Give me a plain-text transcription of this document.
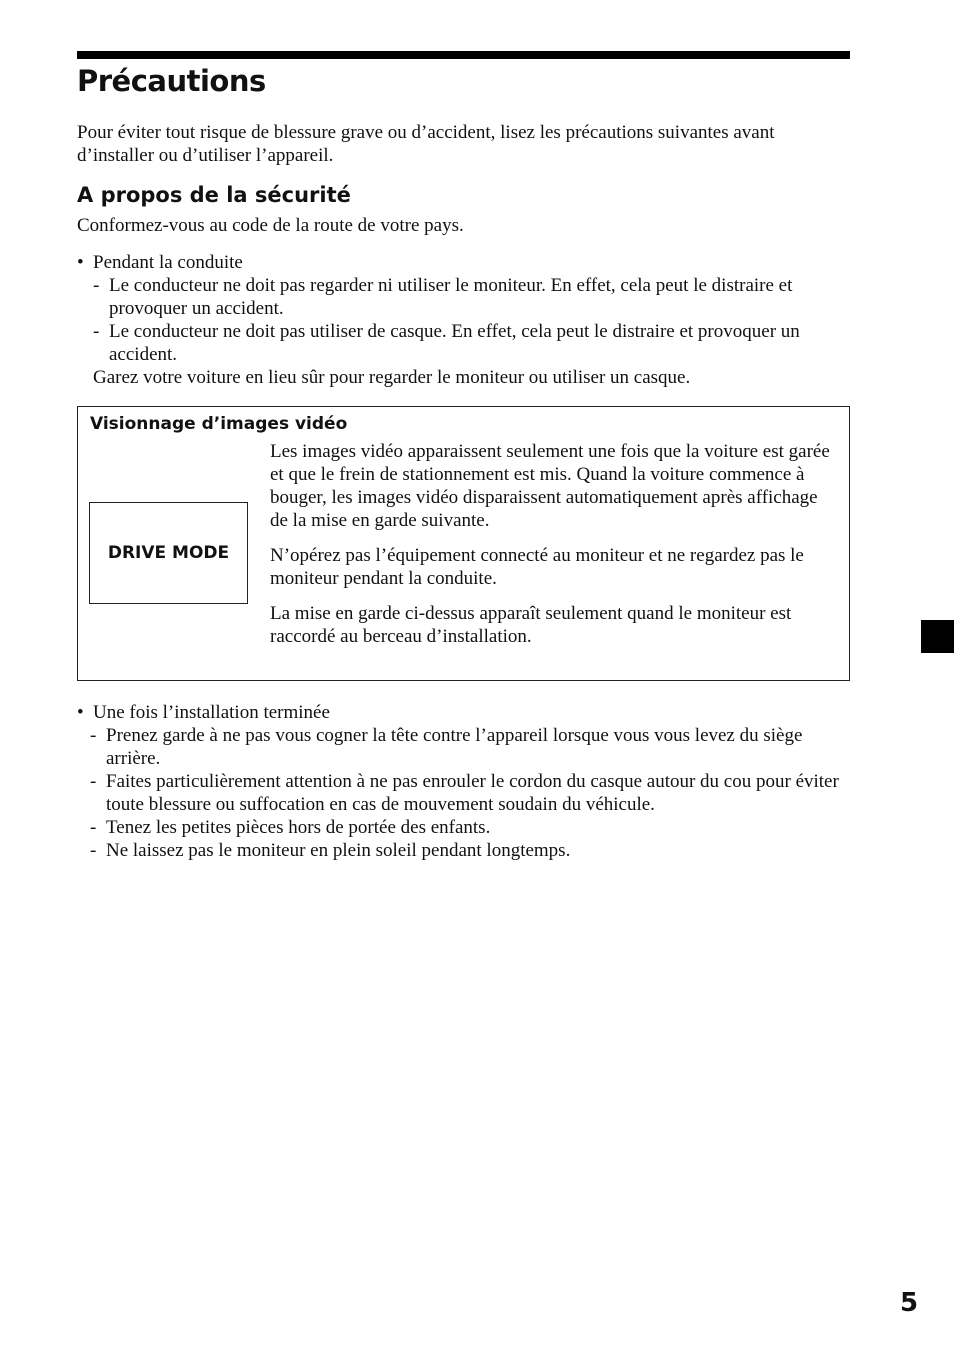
Précautions

Pour éviter tout risque de blessure grave ou d’accident, lisez les précautions suivantes avant d’installer ou d’utiliser l’appareil.

A propos de la sécurité

Conformez-vous au code de la route de votre pays.

• Pendant la conduite

- Le conducteur ne doit pas regarder ni utiliser le moniteur. En effet, cela peut le distraire et provoquer un accident.
- Le conducteur ne doit pas utiliser de casque. En effet, cela peut le distraire et provoquer un accident.

Garez votre voiture en lieu sûr pour regarder le moniteur ou utiliser un casque.

Visionnage d’images vidéo

DRIVE MODE

Les images vidéo apparaissent seulement une fois que la voiture est garée et que le frein de stationnement est mis. Quand la voiture commence à bouger, les images vidéo disparaissent automatiquement après affichage de la mise en garde suivante.

N’opérez pas l’équipement connecté au moniteur et ne regardez pas le moniteur pendant la conduite.

La mise en garde ci-dessus apparaît seulement quand le moniteur est raccordé au berceau d’installation.

• Une fois l’installation terminée

- Prenez garde à ne pas vous cogner la tête contre l’appareil lorsque vous vous levez du siège arrière.
- Faites particulièrement attention à ne pas enrouler le cordon du casque autour du cou pour éviter toute blessure ou suffocation en cas de mouvement soudain du véhicule.
- Tenez les petites pièces hors de portée des enfants.
- Ne laissez pas le moniteur en plein soleil pendant longtemps.
5
